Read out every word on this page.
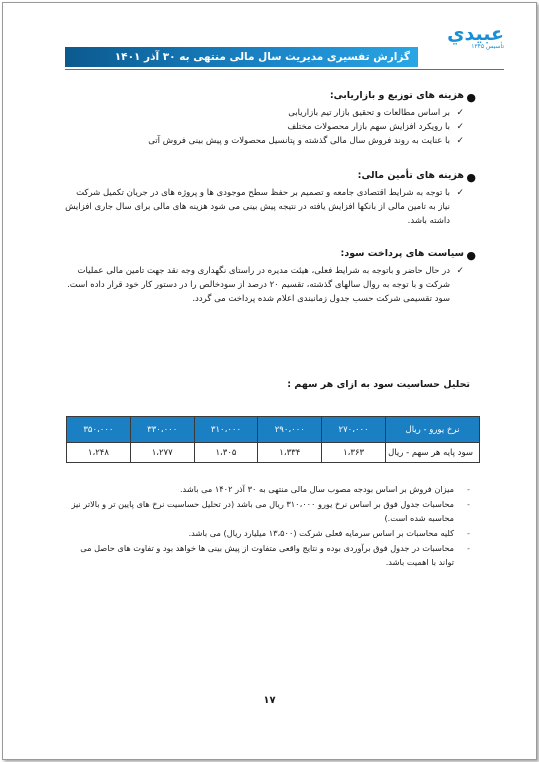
عبيدي
تأسیس ۱۳۴۵
گزارش تفسیری مدیریت سال مالی منتهی به ۳۰ آذر ۱۴۰۱
●
هزینه های توزیع و بازاریابی:
✓
بر اساس مطالعات و تحقیق بازار تیم بازاریابی
✓
با رویکرد افزایش سهم بازار محصولات مختلف
✓
با عنایت به روند فروش سال مالی گذشته و پتانسیل محصولات و پیش بینی فروش آتی
●
هزینه های تأمین مالی:
✓
با توجه به شرایط اقتصادی جامعه و تصمیم بر حفظ سطح موجودی ها و پروژه های در جریان تکمیل شرکت نیاز به تامین مالی از بانکها افزایش یافته در نتیجه پیش بینی می شود هزینه های مالی برای سال جاری افزایش داشته باشد.
●
سیاست های پرداخت سود:
✓
در حال حاضر و باتوجه به شرایط فعلی، هیئت مدیره در راستای نگهداری وجه نقد جهت تامین مالی عملیات شرکت و با توجه به روال سالهای گذشته، تقسیم ۲۰ درصد از سودخالص را در دستور کار خود قرار داده است. سود تقسیمی شرکت حسب جدول زمانبندی اعلام شده پرداخت می گردد.
تحلیل حساسیت سود به ازای هر سهم :
نرخ یورو - ریال	۲۷۰،۰۰۰	۲۹۰،۰۰۰	۳۱۰،۰۰۰	۳۳۰،۰۰۰	۳۵۰،۰۰۰
سود پایه هر سهم - ریال	۱،۳۶۳	۱،۳۳۴	۱،۳۰۵	۱،۲۷۷	۱،۲۴۸
-
میزان فروش بر اساس بودجه مصوب سال مالی منتهی به ۳۰ آذر ۱۴۰۲ می باشد.
-
محاسبات جدول فوق بر اساس نرخ یورو ۳۱۰،۰۰۰ ریال می باشد (در تحلیل حساسیت نرخ های پایین تر و بالاتر نیز محاسبه شده است.)
-
کلیه محاسبات بر اساس سرمایه فعلی شرکت (۱۳،۵۰۰ میلیارد ریال) می باشد.
-
محاسبات در جدول فوق برآوردی بوده و نتایج واقعی متفاوت از پیش بینی ها خواهد بود و تفاوت های حاصل می تواند با اهمیت باشد.
۱۷
